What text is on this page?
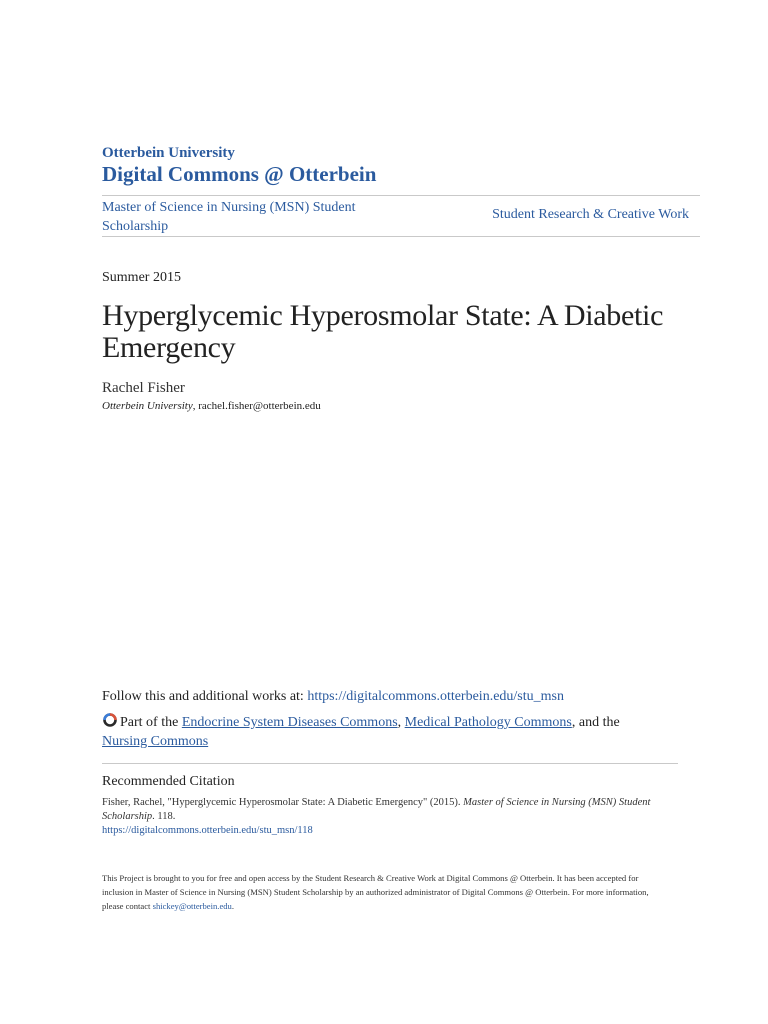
Otterbein University
Digital Commons @ Otterbein
Master of Science in Nursing (MSN) Student Scholarship
Student Research & Creative Work
Summer 2015
Hyperglycemic Hyperosmolar State: A Diabetic Emergency
Rachel Fisher
Otterbein University, rachel.fisher@otterbein.edu
Follow this and additional works at: https://digitalcommons.otterbein.edu/stu_msn
Part of the Endocrine System Diseases Commons, Medical Pathology Commons, and the
Nursing Commons
Recommended Citation
Fisher, Rachel, "Hyperglycemic Hyperosmolar State: A Diabetic Emergency" (2015). Master of Science in Nursing (MSN) Student Scholarship. 118.
https://digitalcommons.otterbein.edu/stu_msn/118
This Project is brought to you for free and open access by the Student Research & Creative Work at Digital Commons @ Otterbein. It has been accepted for inclusion in Master of Science in Nursing (MSN) Student Scholarship by an authorized administrator of Digital Commons @ Otterbein. For more information, please contact shickey@otterbein.edu.
